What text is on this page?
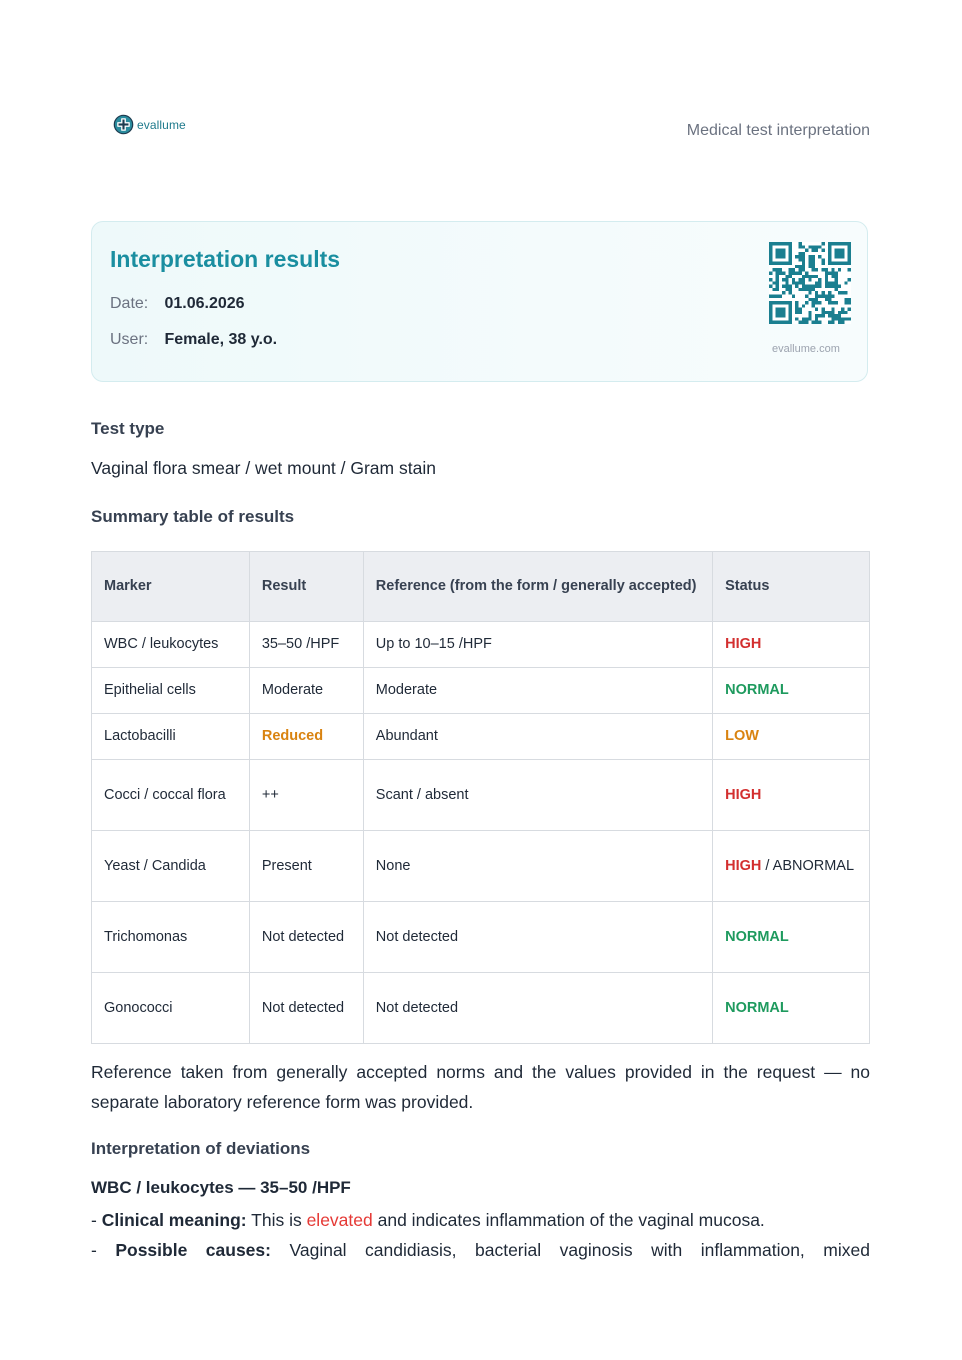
evallume	Medical test interpretation
Interpretation results
Date: 01.06.2026
User: Female, 38 y.o.
evallume.com
Test type
Vaginal flora smear / wet mount / Gram stain
Summary table of results
Marker	Result	Reference (from the form / generally accepted)	Status
WBC / leukocytes	35–50 /HPF	Up to 10–15 /HPF	HIGH
Epithelial cells	Moderate	Moderate	NORMAL
Lactobacilli	Reduced	Abundant	LOW
Cocci / coccal flora	++	Scant / absent	HIGH
Yeast / Candida	Present	None	HIGH / ABNORMAL
Trichomonas	Not detected	Not detected	NORMAL
Gonococci	Not detected	Not detected	NORMAL
Reference taken from generally accepted norms and the values provided in the request — no separate laboratory reference form was provided.
Interpretation of deviations
WBC / leukocytes — 35–50 /HPF
- Clinical meaning: This is elevated and indicates inflammation of the vaginal mucosa.
- Possible causes: Vaginal candidiasis, bacterial vaginosis with inflammation, mixed
